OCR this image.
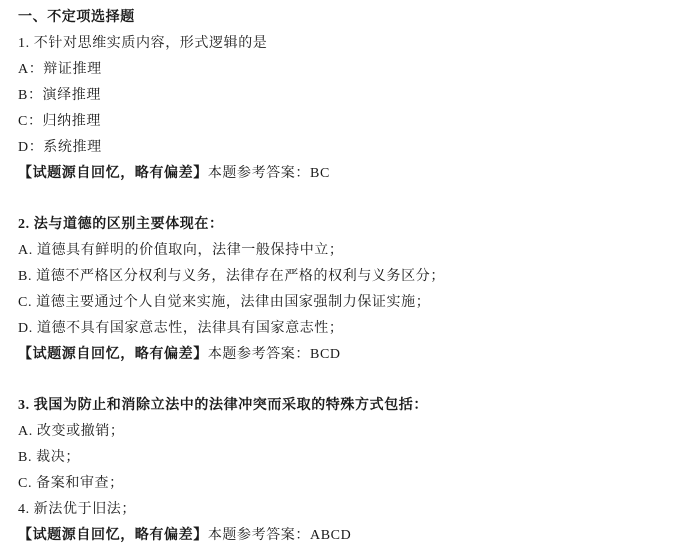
一、不定项选择题
1. 不针对思维实质内容，形式逻辑的是
A：辩证推理
B：演绎推理
C：归纳推理
D：系统推理
【试题源自回忆，略有偏差】本题参考答案：BC
2. 法与道德的区别主要体现在：
A. 道德具有鲜明的价值取向，法律一般保持中立；
B. 道德不严格区分权利与义务，法律存在严格的权利与义务区分；
C. 道德主要通过个人自觉来实施，法律由国家强制力保证实施；
D. 道德不具有国家意志性，法律具有国家意志性；
【试题源自回忆，略有偏差】本题参考答案：BCD
3. 我国为防止和消除立法中的法律冲突而采取的特殊方式包括：
A. 改变或撤销；
B. 裁决；
C. 备案和审查；
4. 新法优于旧法；
【试题源自回忆，略有偏差】本题参考答案：ABCD
